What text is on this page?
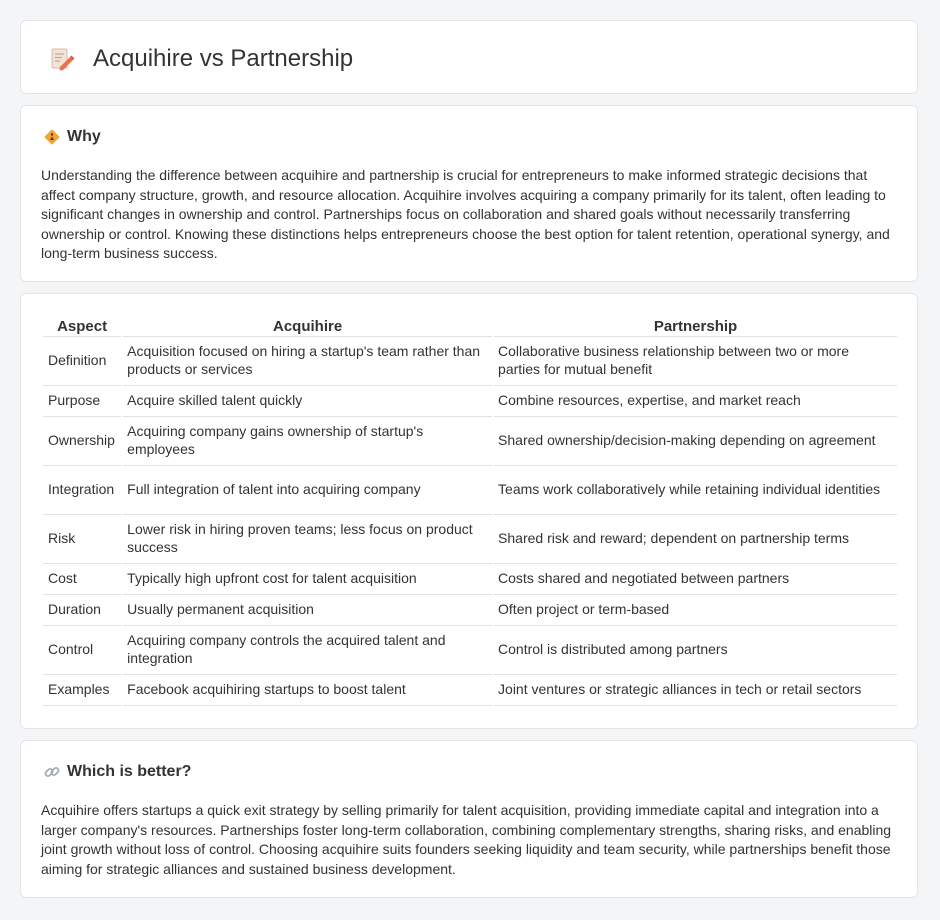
Acquihire vs Partnership
Why

Understanding the difference between acquihire and partnership is crucial for entrepreneurs to make informed strategic decisions that affect company structure, growth, and resource allocation. Acquihire involves acquiring a company primarily for its talent, often leading to significant changes in ownership and control. Partnerships focus on collaboration and shared goals without necessarily transferring ownership or control. Knowing these distinctions helps entrepreneurs choose the best option for talent retention, operational synergy, and long-term business success.

Aspect	Acquihire	Partnership
Definition	Acquisition focused on hiring a startup's team rather than products or services	Collaborative business relationship between two or more parties for mutual benefit
Purpose	Acquire skilled talent quickly	Combine resources, expertise, and market reach
Ownership	Acquiring company gains ownership of startup's employees	Shared ownership/decision-making depending on agreement
Integration	Full integration of talent into acquiring company	Teams work collaboratively while retaining individual identities
Risk	Lower risk in hiring proven teams; less focus on product success	Shared risk and reward; dependent on partnership terms
Cost	Typically high upfront cost for talent acquisition	Costs shared and negotiated between partners
Duration	Usually permanent acquisition	Often project or term-based
Control	Acquiring company controls the acquired talent and integration	Control is distributed among partners
Examples	Facebook acquihiring startups to boost talent	Joint ventures or strategic alliances in tech or retail sectors
Which is better?

Acquihire offers startups a quick exit strategy by selling primarily for talent acquisition, providing immediate capital and integration into a larger company's resources. Partnerships foster long-term collaboration, combining complementary strengths, sharing risks, and enabling joint growth without loss of control. Choosing acquihire suits founders seeking liquidity and team security, while partnerships benefit those aiming for strategic alliances and sustained business development.
